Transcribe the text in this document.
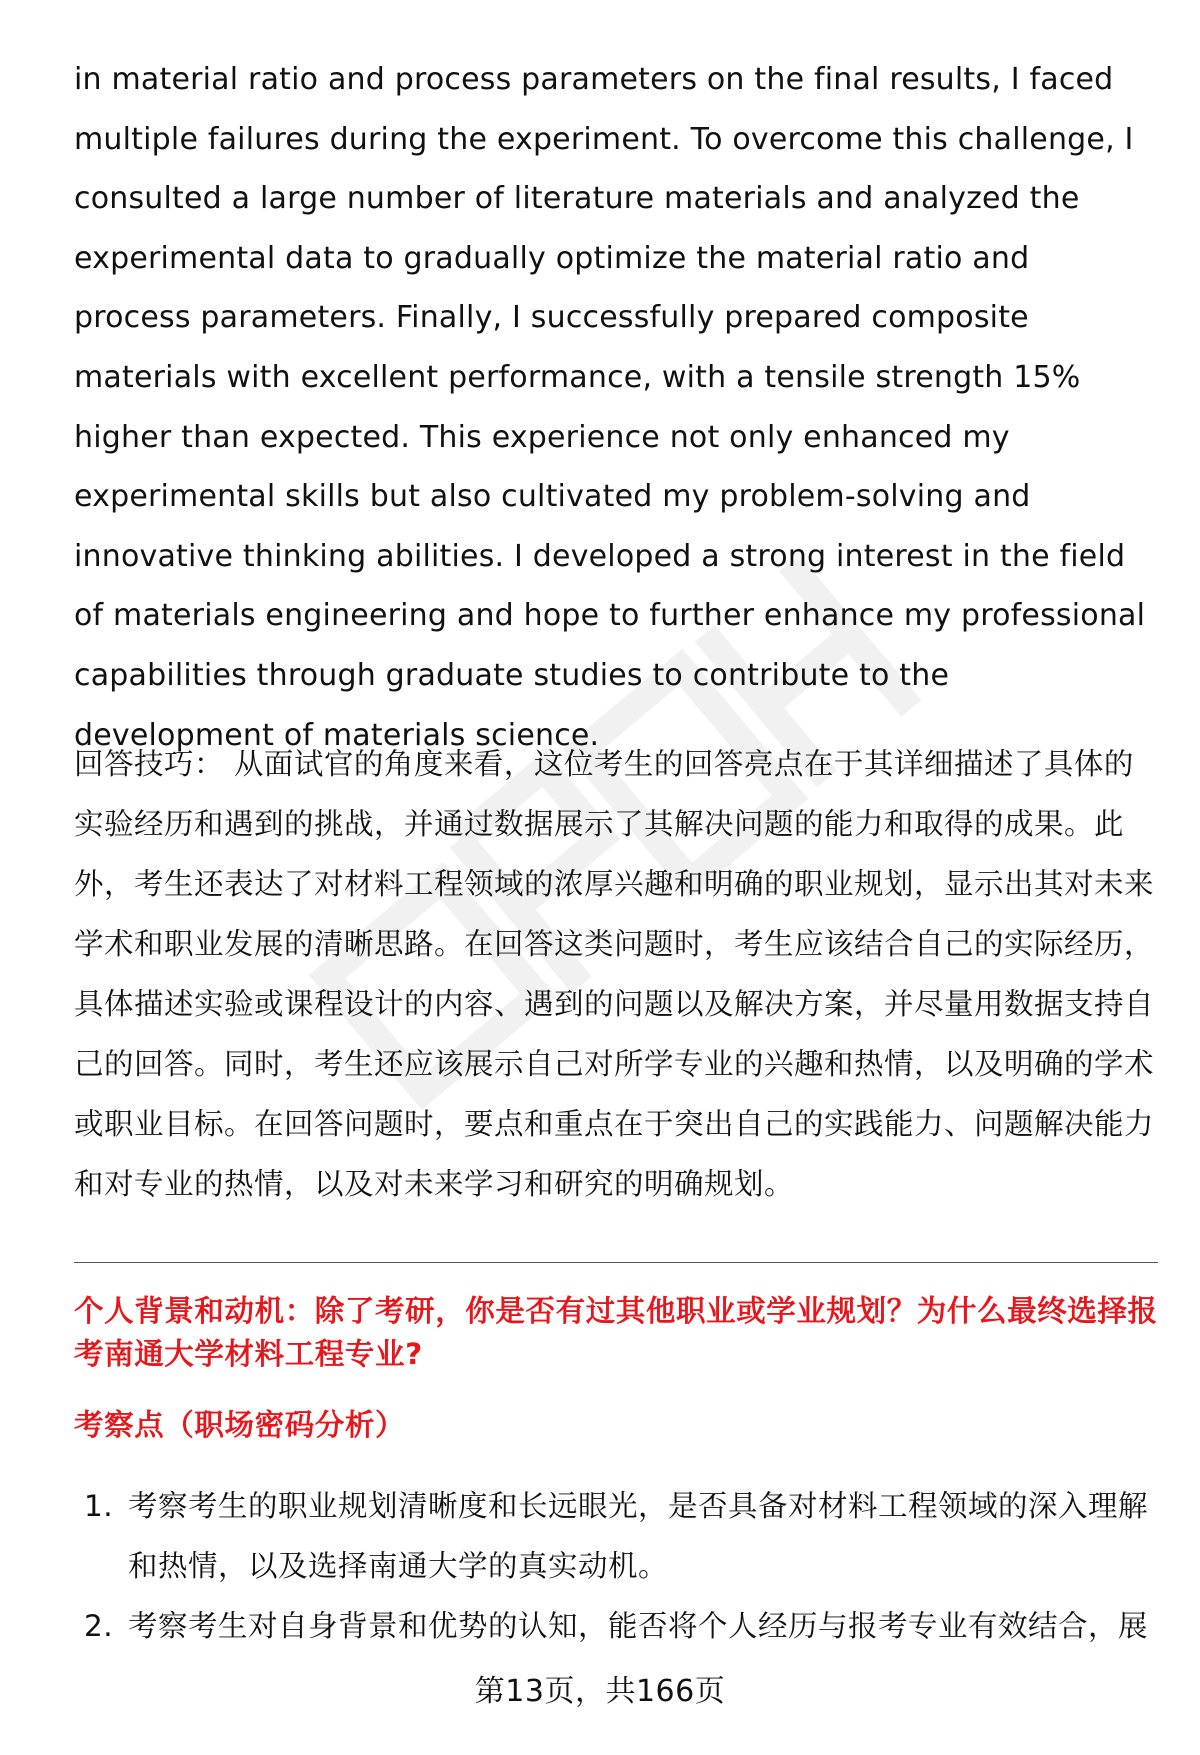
in material ratio and process parameters on the final results, I faced multiple failures during the experiment. To overcome this challenge, I consulted a large number of literature materials and analyzed the experimental data to gradually optimize the material ratio and process parameters. Finally, I successfully prepared composite materials with excellent performance, with a tensile strength 15% higher than expected. This experience not only enhanced my experimental skills but also cultivated my problem-solving and innovative thinking abilities. I developed a strong interest in the field of materials engineering and hope to further enhance my professional capabilities through graduate studies to contribute to the development of materials science.

回答技巧： 从面试官的角度来看，这位考生的回答亮点在于其详细描述了具体的实验经历和遇到的挑战，并通过数据展示了其解决问题的能力和取得的成果。此外，考生还表达了对材料工程领域的浓厚兴趣和明确的职业规划，显示出其对未来学术和职业发展的清晰思路。在回答这类问题时，考生应该结合自己的实际经历，具体描述实验或课程设计的内容、遇到的问题以及解决方案，并尽量用数据支持自己的回答。同时，考生还应该展示自己对所学专业的兴趣和热情，以及明确的学术或职业目标。在回答问题时，要点和重点在于突出自己的实践能力、问题解决能力和对专业的热情，以及对未来学习和研究的明确规划。

个人背景和动机：除了考研，你是否有过其他职业或学业规划？为什么最终选择报考南通大学材料工程专业?
考察点（职场密码分析）
1. 考察考生的职业规划清晰度和长远眼光，是否具备对材料工程领域的深入理解和热情，以及选择南通大学的真实动机。
2. 考察考生对自身背景和优势的认知，能否将个人经历与报考专业有效结合，展
第13页，共166页
